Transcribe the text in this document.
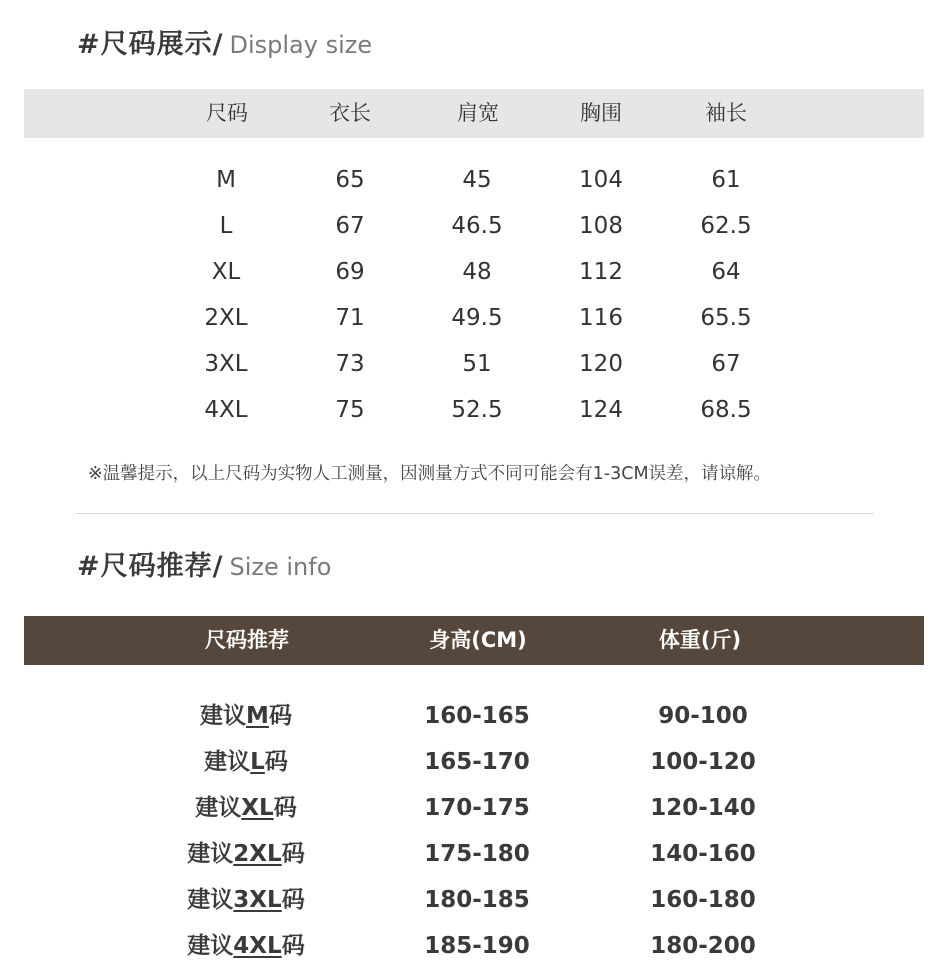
#尺码展示/ Display size
尺码	衣长	肩宽	胸围	袖长
M	65	45	104	61
L	67	46.5	108	62.5
XL	69	48	112	64
2XL	71	49.5	116	65.5
3XL	73	51	120	67
4XL	75	52.5	124	68.5
※温馨提示，以上尺码为实物人工测量，因测量方式不同可能会有1-3CM误差，请谅解。
#尺码推荐/ Size info
尺码推荐	身高(CM)	体重(斤)
建议M码	160-165	90-100
建议L码	165-170	100-120
建议XL码	170-175	120-140
建议2XL码	175-180	140-160
建议3XL码	180-185	160-180
建议4XL码	185-190	180-200
